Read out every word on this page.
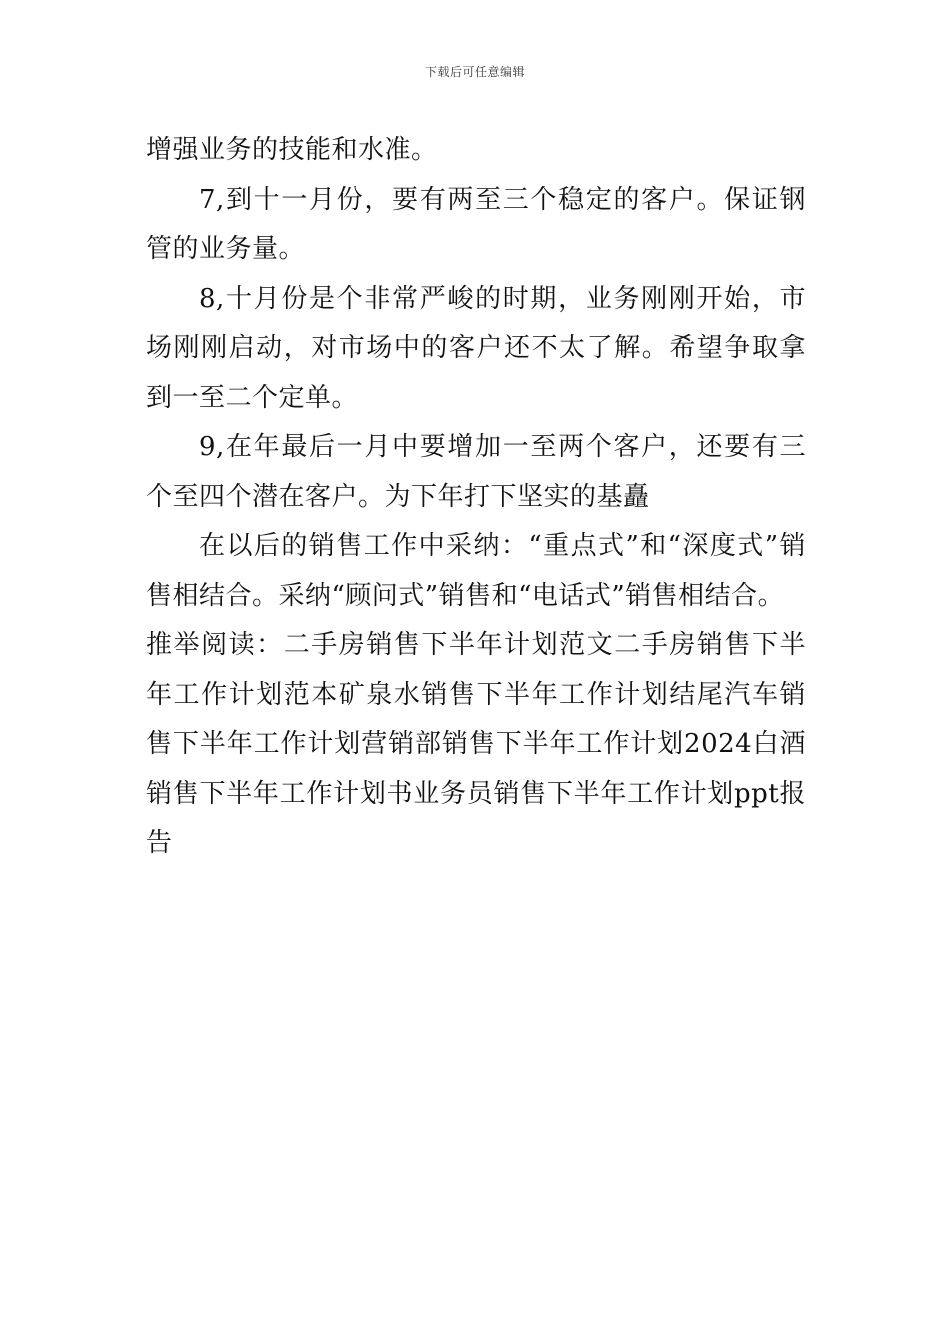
下载后可任意编辑

增强业务的技能和水准。

7,到十一月份，要有两至三个稳定的客户。保证钢管的业务量。

8,十月份是个非常严峻的时期，业务刚刚开始，市场刚刚启动，对市场中的客户还不太了解。希望争取拿到一至二个定单。

9,在年最后一月中要增加一至两个客户，还要有三个至四个潜在客户。为下年打下坚实的基矗

在以后的销售工作中采纳：“重点式”和“深度式”销售相结合。采纳“顾问式”销售和“电话式”销售相结合。

推举阅读：二手房销售下半年计划范文二手房销售下半年工作计划范本矿泉水销售下半年工作计划结尾汽车销售下半年工作计划营销部销售下半年工作计划2024白酒销售下半年工作计划书业务员销售下半年工作计划ppt报告
